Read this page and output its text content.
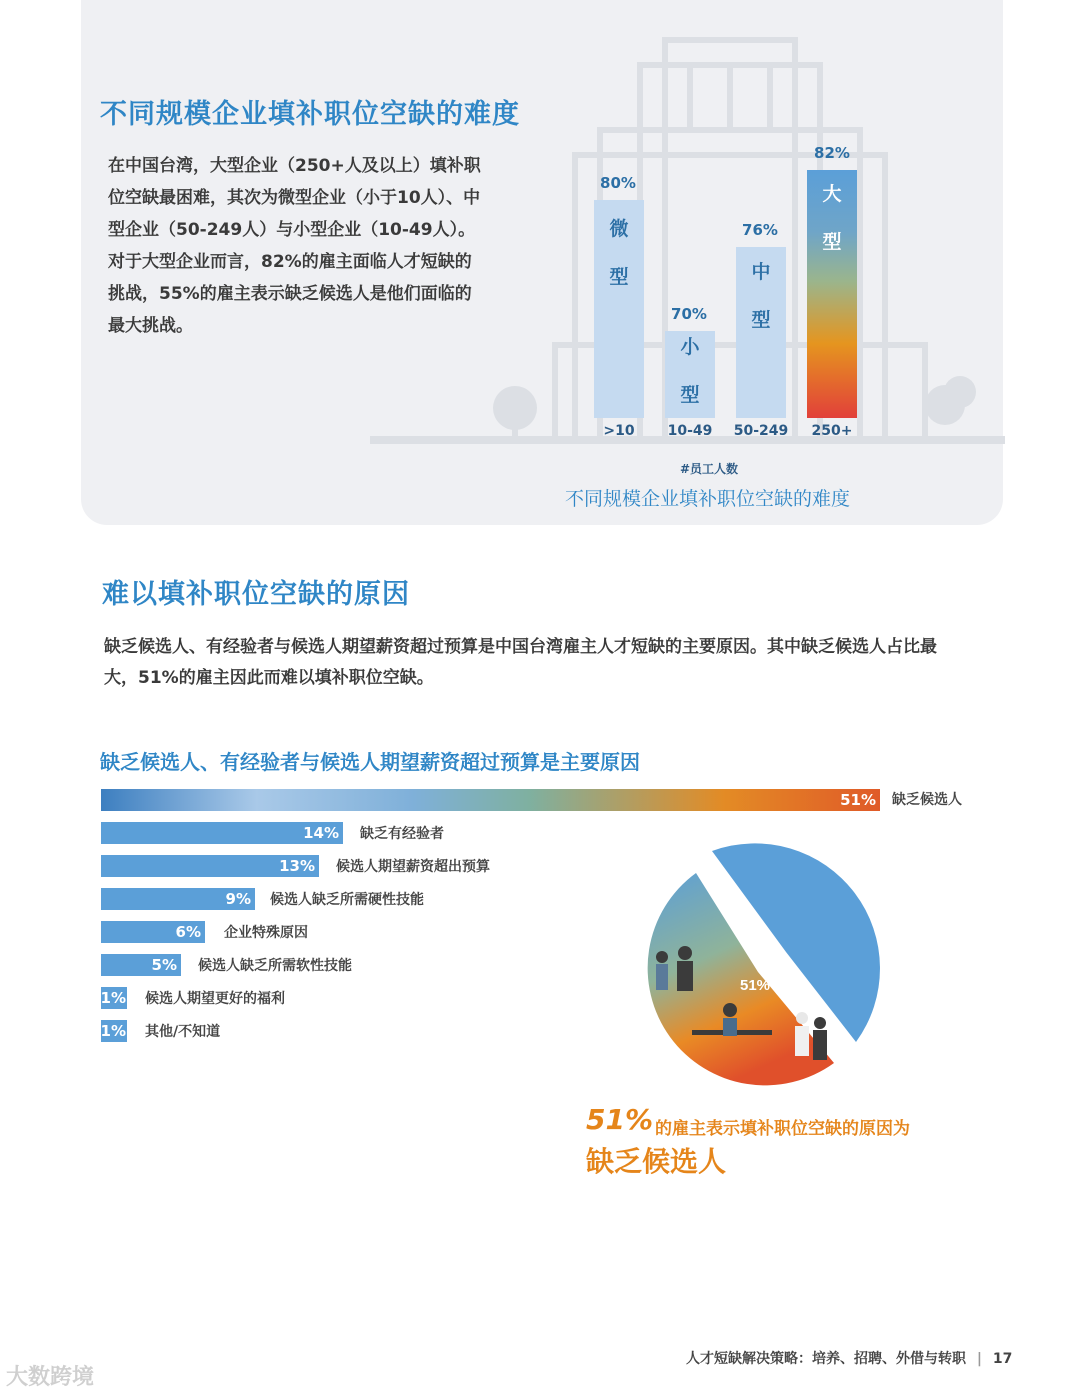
不同规模企业填补职位空缺的难度
在中国台湾，大型企业（250+人及以上）填补职位空缺最困难，其次为微型企业（小于10人）、中型企业（50-249人）与小型企业（10-49人）。对于大型企业而言，82%的雇主面临人才短缺的挑战，55%的雇主表示缺乏候选人是他们面临的最大挑战。
80%
70%
76%
82%
微
型
小
型
中
型
大
型
>10	10-49	50-249	250+
#员工人数
不同规模企业填补职位空缺的难度
难以填补职位空缺的原因
缺乏候选人、有经验者与候选人期望薪资超过预算是中国台湾雇主人才短缺的主要原因。其中缺乏候选人占比最大，51%的雇主因此而难以填补职位空缺。
缺乏候选人、有经验者与候选人期望薪资超过预算是主要原因
51% 缺乏候选人
14% 缺乏有经验者
13% 候选人期望薪资超出预算
9% 候选人缺乏所需硬性技能
6% 企业特殊原因
5% 候选人缺乏所需软性技能
1% 候选人期望更好的福利
1% 其他/不知道
51%
51% 的雇主表示填补职位空缺的原因为
缺乏候选人
人才短缺解决策略：培养、招聘、外借与转职 | 17
大数跨境
